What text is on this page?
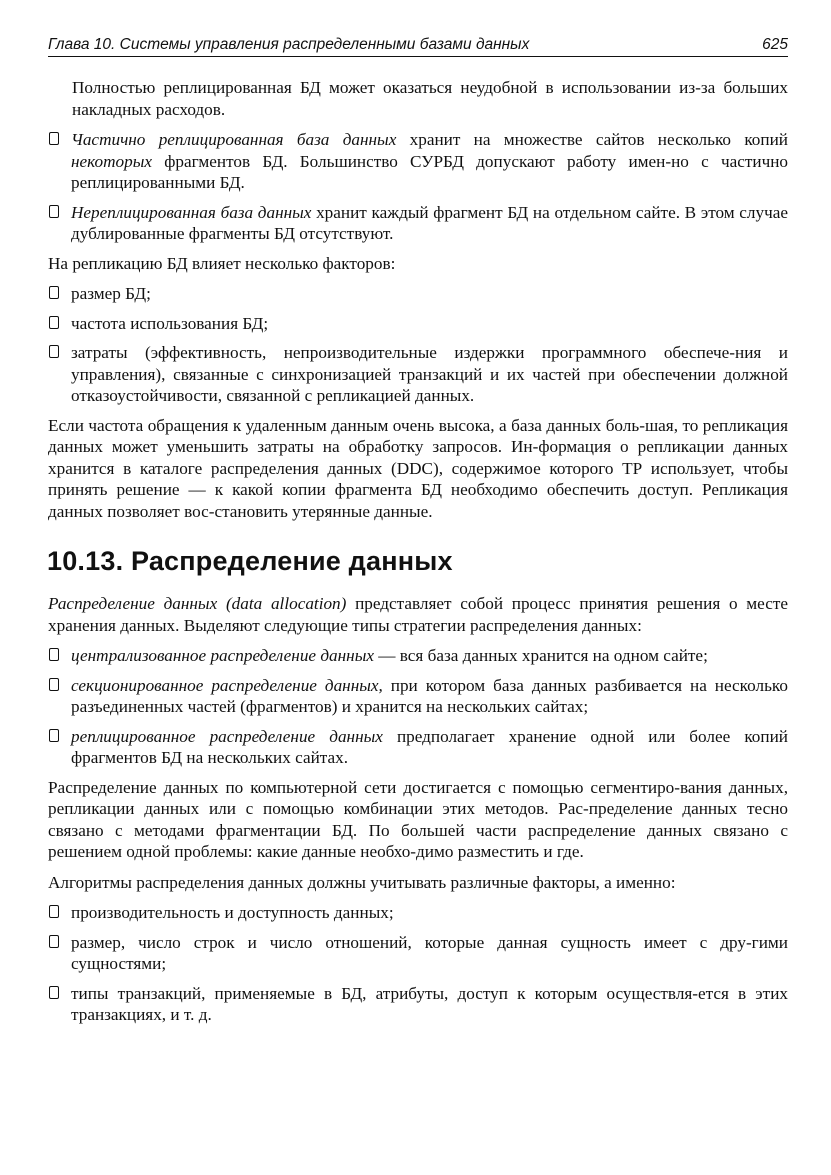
Глава 10. Системы управления распределенными базами данных	625

Полностью реплицированная БД может оказаться неудобной в использовании из-за больших накладных расходов.

Частично реплицированная база данных хранит на множестве сайтов несколько копий некоторых фрагментов БД. Большинство СУРБД допускают работу имен-но с частично реплицированными БД.
Нереплицированная база данных хранит каждый фрагмент БД на отдельном сайте. В этом случае дублированные фрагменты БД отсутствуют.

На репликацию БД влияет несколько факторов:

размер БД;
частота использования БД;
затраты (эффективность, непроизводительные издержки программного обеспече-ния и управления), связанные с синхронизацией транзакций и их частей при обеспечении должной отказоустойчивости, связанной с репликацией данных.

Если частота обращения к удаленным данным очень высока, а база данных боль-шая, то репликация данных может уменьшить затраты на обработку запросов. Ин-формация о репликации данных хранится в каталоге распределения данных (DDC), содержимое которого ТР использует, чтобы принять решение — к какой копии фрагмента БД необходимо обеспечить доступ. Репликация данных позволяет вос-становить утерянные данные.

10.13. Распределение данных

Распределение данных (data allocation) представляет собой процесс принятия решения о месте хранения данных. Выделяют следующие типы стратегии распределения данных:

централизованное распределение данных — вся база данных хранится на одном сайте;
секционированное распределение данных, при котором база данных разбивается на несколько разъединенных частей (фрагментов) и хранится на нескольких сайтах;
реплицированное распределение данных предполагает хранение одной или более копий фрагментов БД на нескольких сайтах.

Распределение данных по компьютерной сети достигается с помощью сегментиро-вания данных, репликации данных или с помощью комбинации этих методов. Рас-пределение данных тесно связано с методами фрагментации БД. По большей части распределение данных связано с решением одной проблемы: какие данные необхо-димо разместить и где.

Алгоритмы распределения данных должны учитывать различные факторы, а именно:

производительность и доступность данных;
размер, число строк и число отношений, которые данная сущность имеет с дру-гими сущностями;
типы транзакций, применяемые в БД, атрибуты, доступ к которым осуществля-ется в этих транзакциях, и т. д.
